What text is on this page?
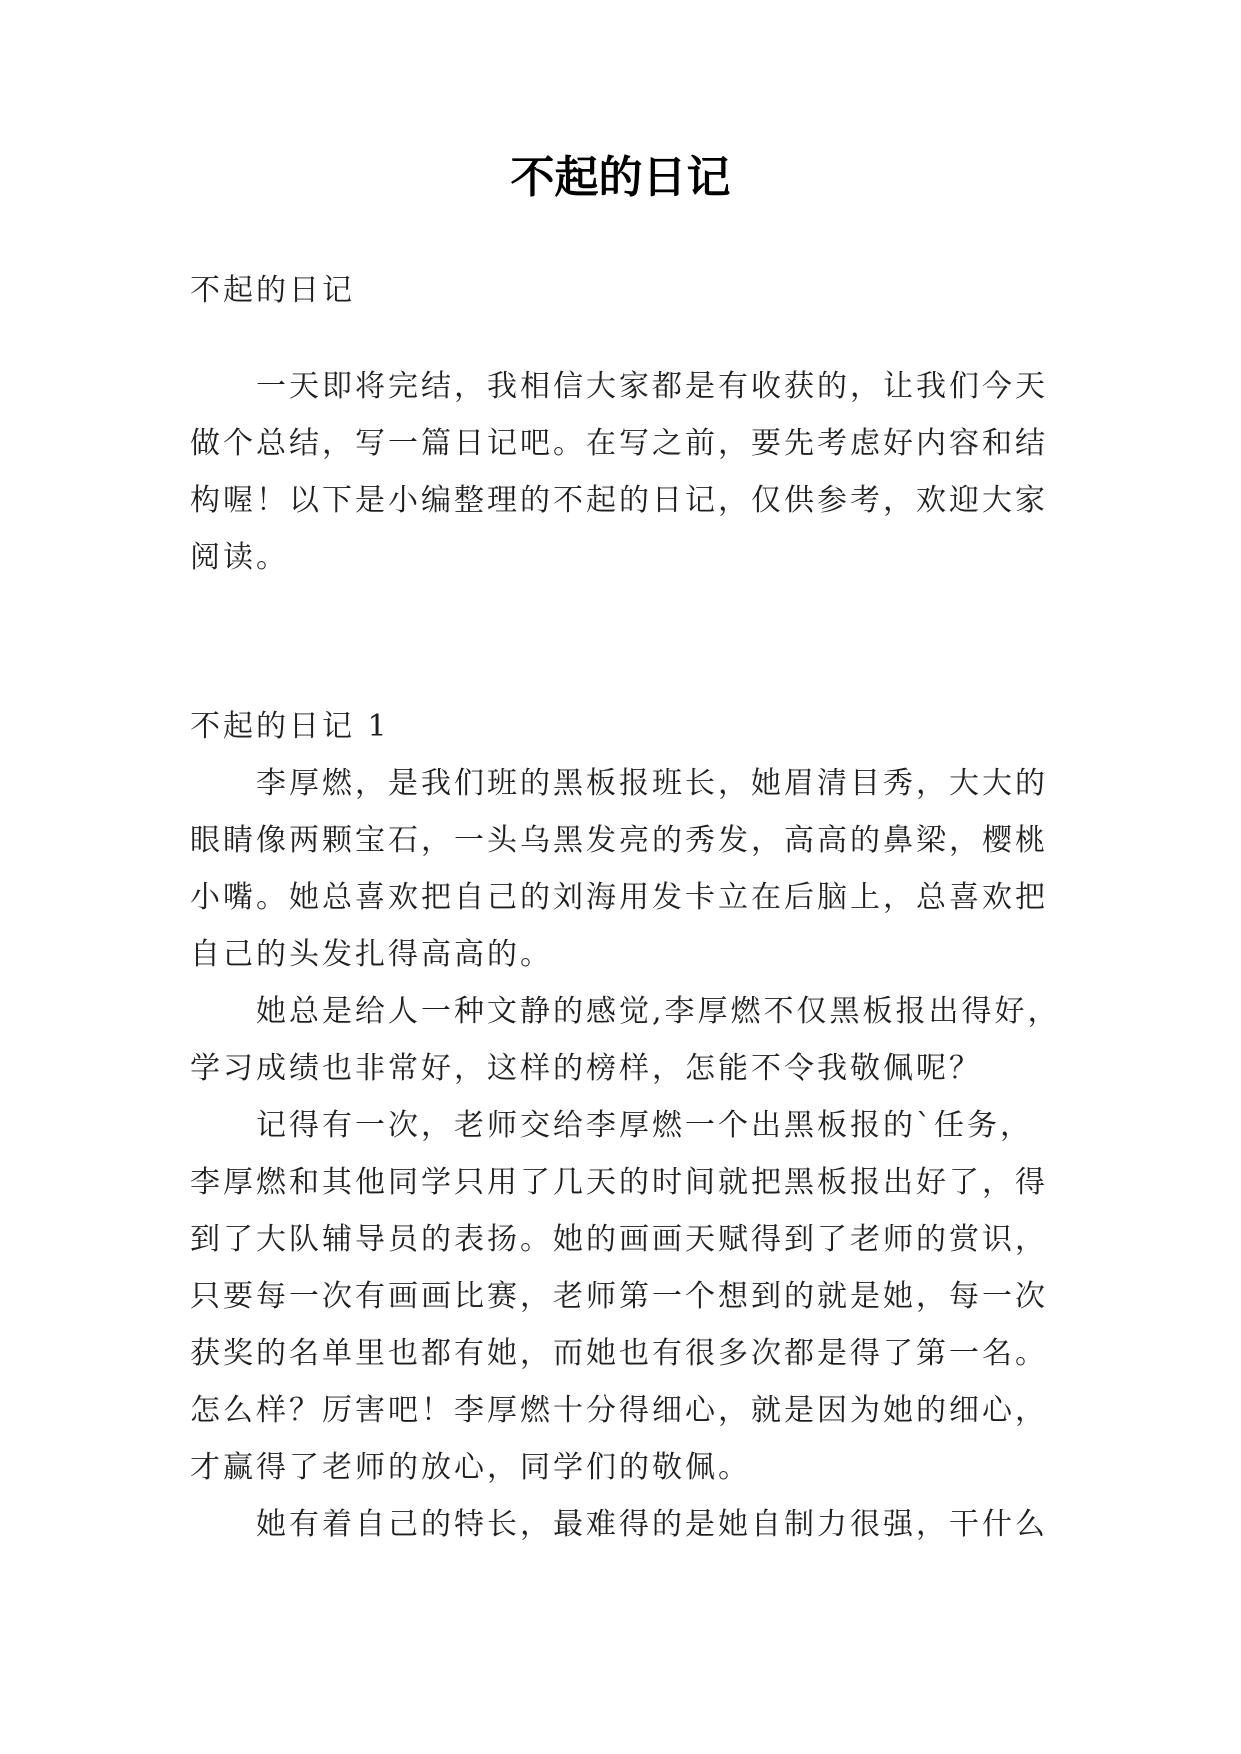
不起的日记

不起的日记

一天即将完结，我相信大家都是有收获的，让我们今天
做个总结，写一篇日记吧。在写之前，要先考虑好内容和结
构喔！以下是小编整理的不起的日记，仅供参考，欢迎大家
阅读。

不起的日记 1

李厚燃，是我们班的黑板报班长，她眉清目秀，大大的
眼睛像两颗宝石，一头乌黑发亮的秀发，高高的鼻梁，樱桃
小嘴。她总喜欢把自己的刘海用发卡立在后脑上，总喜欢把
自己的头发扎得高高的。
她总是给人一种文静的感觉,李厚燃不仅黑板报出得好，
学习成绩也非常好，这样的榜样，怎能不令我敬佩呢？
记得有一次，老师交给李厚燃一个出黑板报的`任务，
李厚燃和其他同学只用了几天的时间就把黑板报出好了，得
到了大队辅导员的表扬。她的画画天赋得到了老师的赏识，
只要每一次有画画比赛，老师第一个想到的就是她，每一次
获奖的名单里也都有她，而她也有很多次都是得了第一名。
怎么样？厉害吧！李厚燃十分得细心，就是因为她的细心，
才赢得了老师的放心，同学们的敬佩。
她有着自己的特长，最难得的是她自制力很强，干什么
